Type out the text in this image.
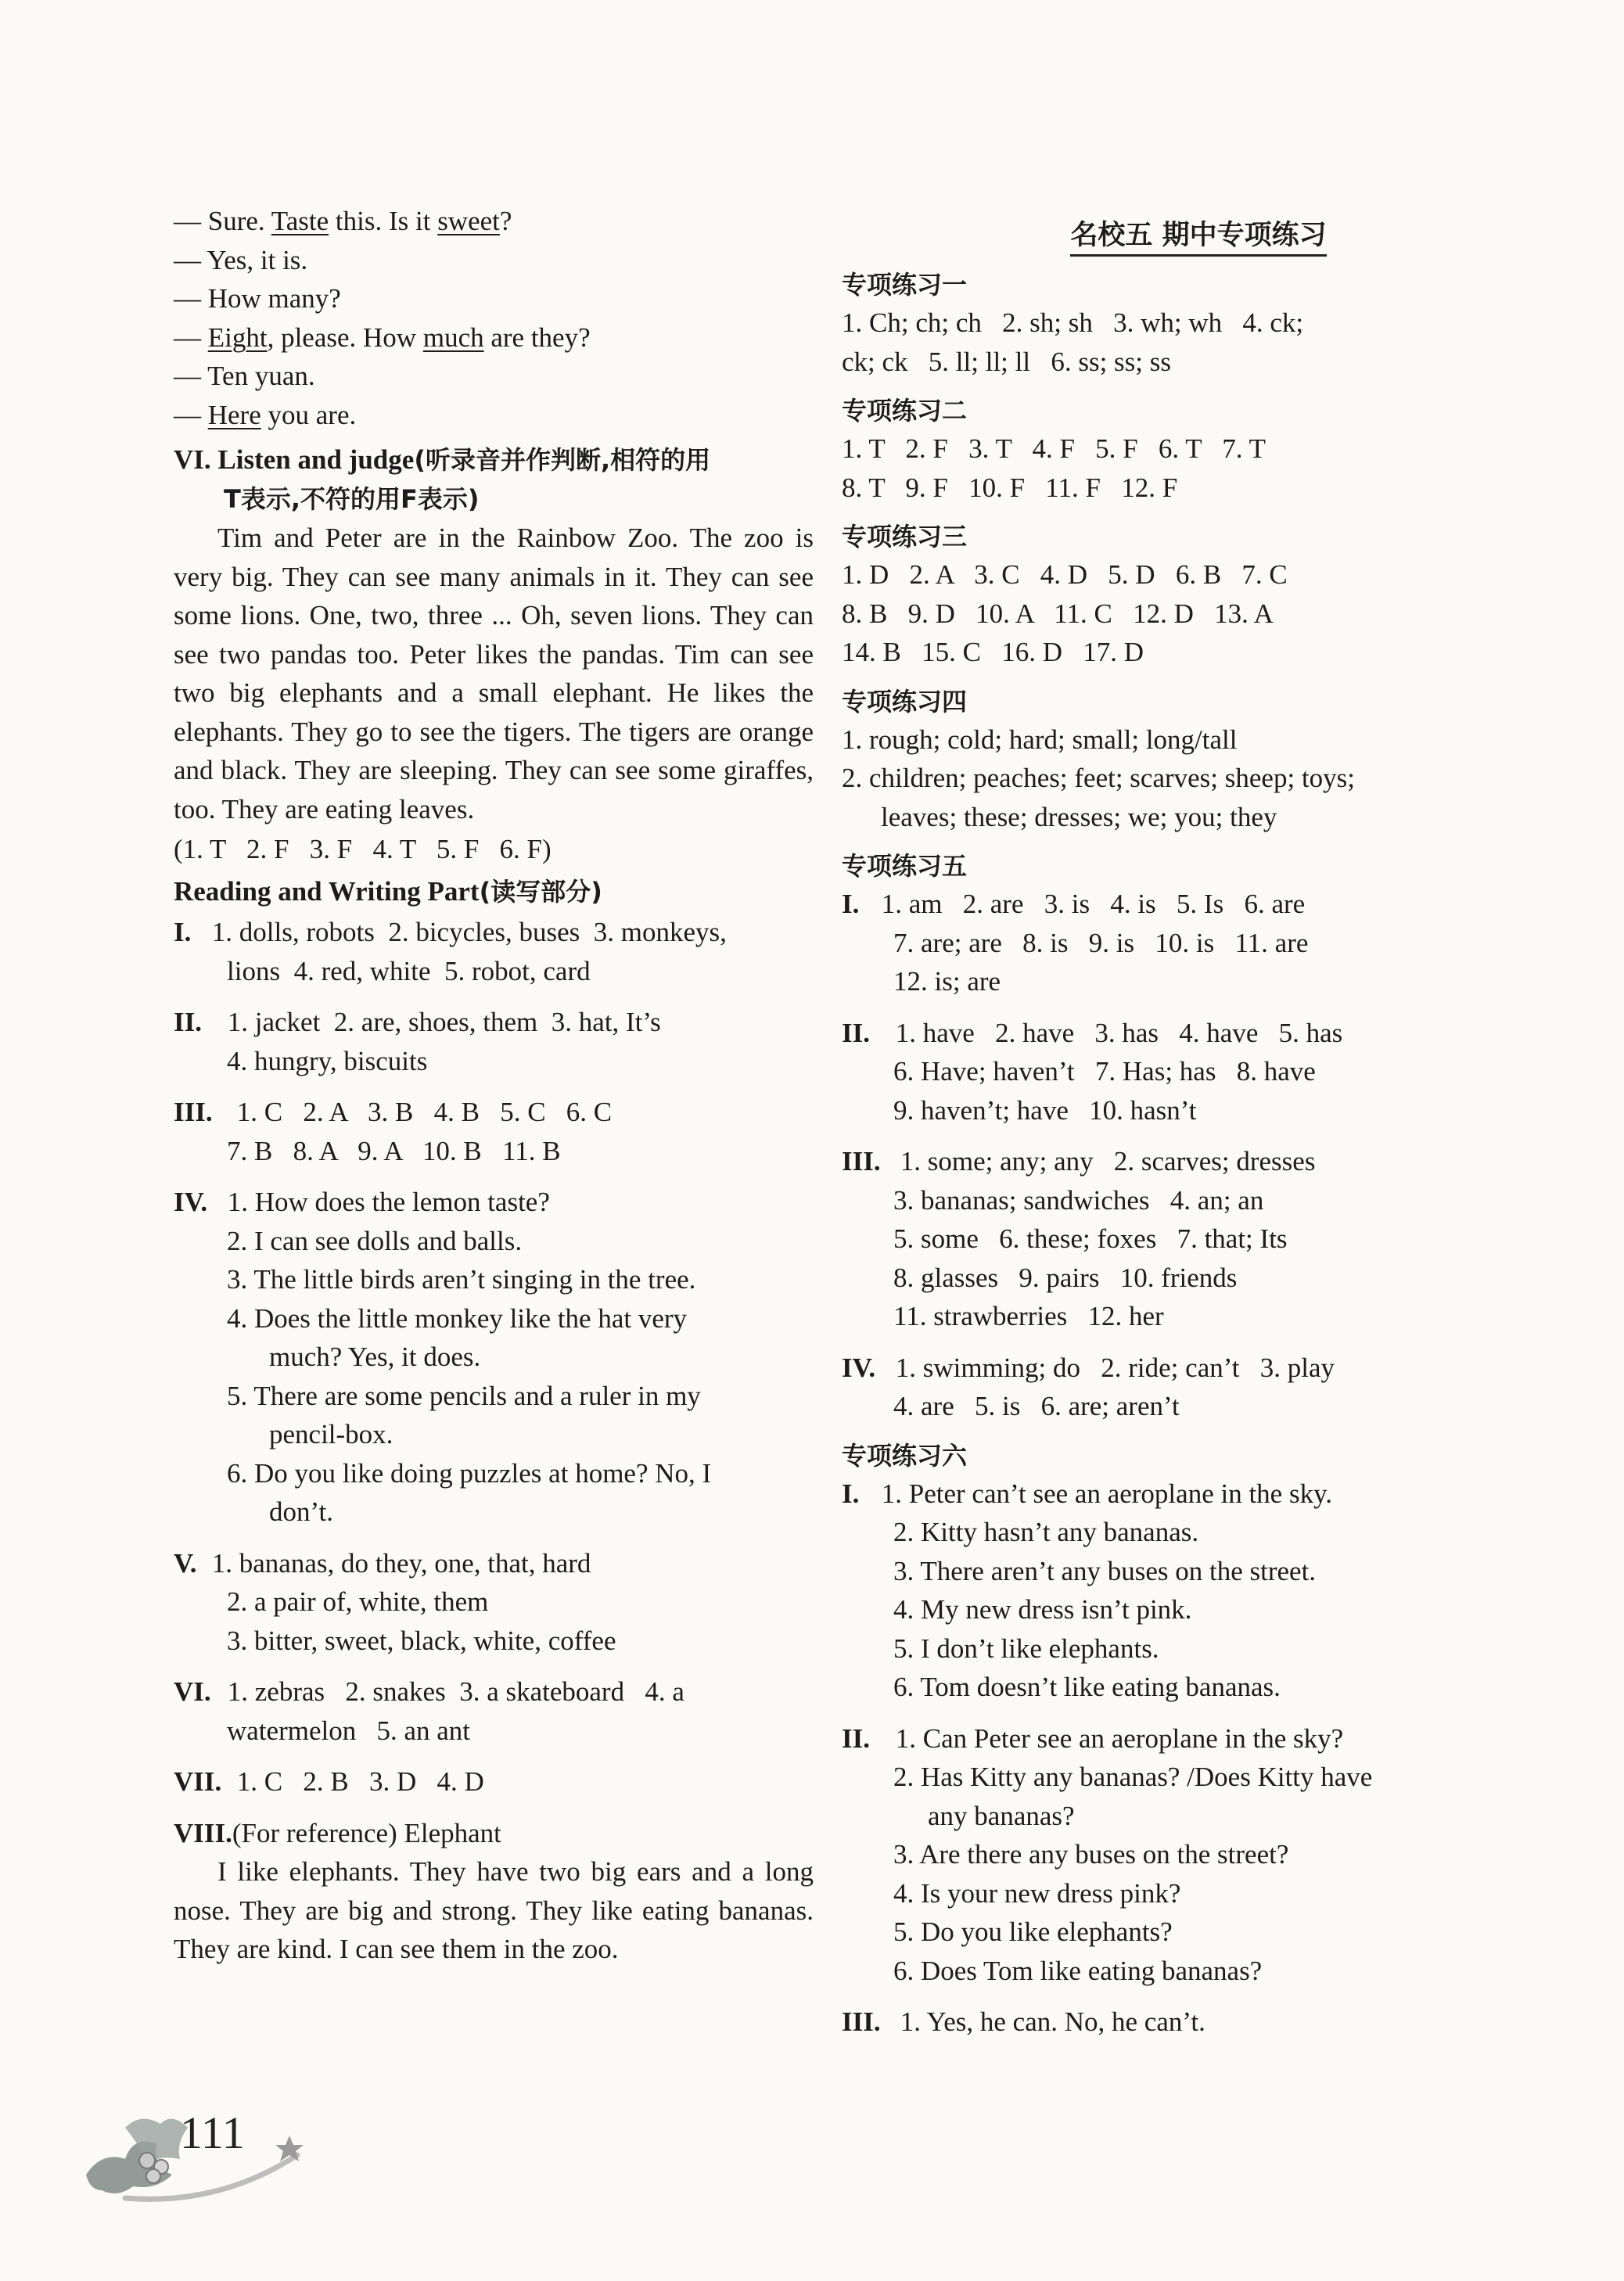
— Sure. Taste this. Is it sweet?
— Yes, it is.
— How many?
— Eight, please. How much are they?
— Ten yuan.
— Here you are.
VI. Listen and judge(听录音并作判断,相符的用
T表示,不符的用F表示)
Tim and Peter are in the Rainbow Zoo. The zoo is very big. They can see many animals in it. They can see some lions. One, two, three ... Oh, seven lions. They can see two pandas too. Peter likes the pandas. Tim can see two big elephants and a small elephant. He likes the elephants. They go to see the tigers. The tigers are orange and black. They are sleeping. They can see some giraffes, too. They are eating leaves.
(1. T   2. F   3. F   4. T   5. F   6. F)
Reading and Writing Part(读写部分)
I. 1. dolls, robots  2. bicycles, buses  3. monkeys,
lions  4. red, white  5. robot, card
II. 1. jacket  2. are, shoes, them  3. hat, It’s
4. hungry, biscuits
III. 1. C   2. A   3. B   4. B   5. C   6. C
7. B   8. A   9. A   10. B   11. B
IV. 1. How does the lemon taste?
2. I can see dolls and balls.
3. The little birds aren’t singing in the tree.
4. Does the little monkey like the hat very
much? Yes, it does.
5. There are some pencils and a ruler in my
pencil-box.
6. Do you like doing puzzles at home? No, I
don’t.
V. 1. bananas, do they, one, that, hard
2. a pair of, white, them
3. bitter, sweet, black, white, coffee
VI. 1. zebras   2. snakes  3. a skateboard   4. a
watermelon   5. an ant
VII. 1. C   2. B   3. D   4. D
VIII.(For reference) Elephant
I like elephants. They have two big ears and a long nose. They are big and strong. They like eating bananas. They are kind. I can see them in the zoo.
名校五 期中专项练习
专项练习一
1. Ch; ch; ch   2. sh; sh   3. wh; wh   4. ck;
ck; ck   5. ll; ll; ll   6. ss; ss; ss
专项练习二
1. T   2. F   3. T   4. F   5. F   6. T   7. T
8. T   9. F   10. F   11. F   12. F
专项练习三
1. D   2. A   3. C   4. D   5. D   6. B   7. C
8. B   9. D   10. A   11. C   12. D   13. A
14. B   15. C   16. D   17. D
专项练习四
1. rough; cold; hard; small; long/tall
2. children; peaches; feet; scarves; sheep; toys;
leaves; these; dresses; we; you; they
专项练习五
I. 1. am   2. are   3. is   4. is   5. Is   6. are
7. are; are   8. is   9. is   10. is   11. are
12. is; are
II. 1. have   2. have   3. has   4. have   5. has
6. Have; haven’t   7. Has; has   8. have
9. haven’t; have   10. hasn’t
III. 1. some; any; any   2. scarves; dresses
3. bananas; sandwiches   4. an; an
5. some   6. these; foxes   7. that; Its
8. glasses   9. pairs   10. friends
11. strawberries   12. her
IV. 1. swimming; do   2. ride; can’t   3. play
4. are   5. is   6. are; aren’t
专项练习六
I. 1. Peter can’t see an aeroplane in the sky.
2. Kitty hasn’t any bananas.
3. There aren’t any buses on the street.
4. My new dress isn’t pink.
5. I don’t like elephants.
6. Tom doesn’t like eating bananas.
II. 1. Can Peter see an aeroplane in the sky?
2. Has Kitty any bananas? /Does Kitty have
any bananas?
3. Are there any buses on the street?
4. Is your new dress pink?
5. Do you like elephants?
6. Does Tom like eating bananas?
III. 1. Yes, he can. No, he can’t.
111
